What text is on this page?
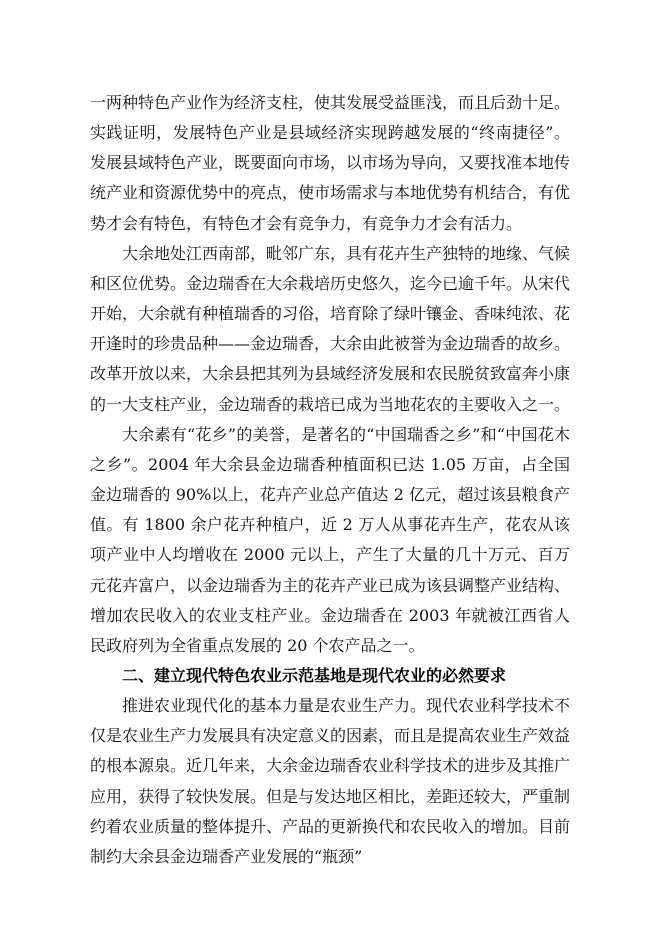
一两种特色产业作为经济支柱，使其发展受益匪浅，而且后劲十足。实践证明，发展特色产业是县域经济实现跨越发展的“终南捷径”。发展县域特色产业，既要面向市场，以市场为导向，又要找准本地传统产业和资源优势中的亮点，使市场需求与本地优势有机结合，有优势才会有特色，有特色才会有竞争力，有竞争力才会有活力。

大余地处江西南部，毗邻广东，具有花卉生产独特的地缘、气候和区位优势。金边瑞香在大余栽培历史悠久，迄今已逾千年。从宋代开始，大余就有种植瑞香的习俗，培育除了绿叶镶金、香味纯浓、花开逢时的珍贵品种——金边瑞香，大余由此被誉为金边瑞香的故乡。改革开放以来，大余县把其列为县域经济发展和农民脱贫致富奔小康的一大支柱产业，金边瑞香的栽培已成为当地花农的主要收入之一。

大余素有“花乡”的美誉，是著名的“中国瑞香之乡”和“中国花木之乡”。2004 年大余县金边瑞香种植面积已达 1.05 万亩，占全国金边瑞香的 90%以上，花卉产业总产值达 2 亿元，超过该县粮食产值。有 1800 余户花卉种植户，近 2 万人从事花卉生产，花农从该项产业中人均增收在 2000 元以上，产生了大量的几十万元、百万元花卉富户，以金边瑞香为主的花卉产业已成为该县调整产业结构、增加农民收入的农业支柱产业。金边瑞香在 2003 年就被江西省人民政府列为全省重点发展的 20 个农产品之一。

二、建立现代特色农业示范基地是现代农业的必然要求

推进农业现代化的基本力量是农业生产力。现代农业科学技术不仅是农业生产力发展具有决定意义的因素，而且是提高农业生产效益的根本源泉。近几年来，大余金边瑞香农业科学技术的进步及其推广应用，获得了较快发展。但是与发达地区相比，差距还较大，严重制约着农业质量的整体提升、产品的更新换代和农民收入的增加。目前制约大余县金边瑞香产业发展的“瓶颈”
